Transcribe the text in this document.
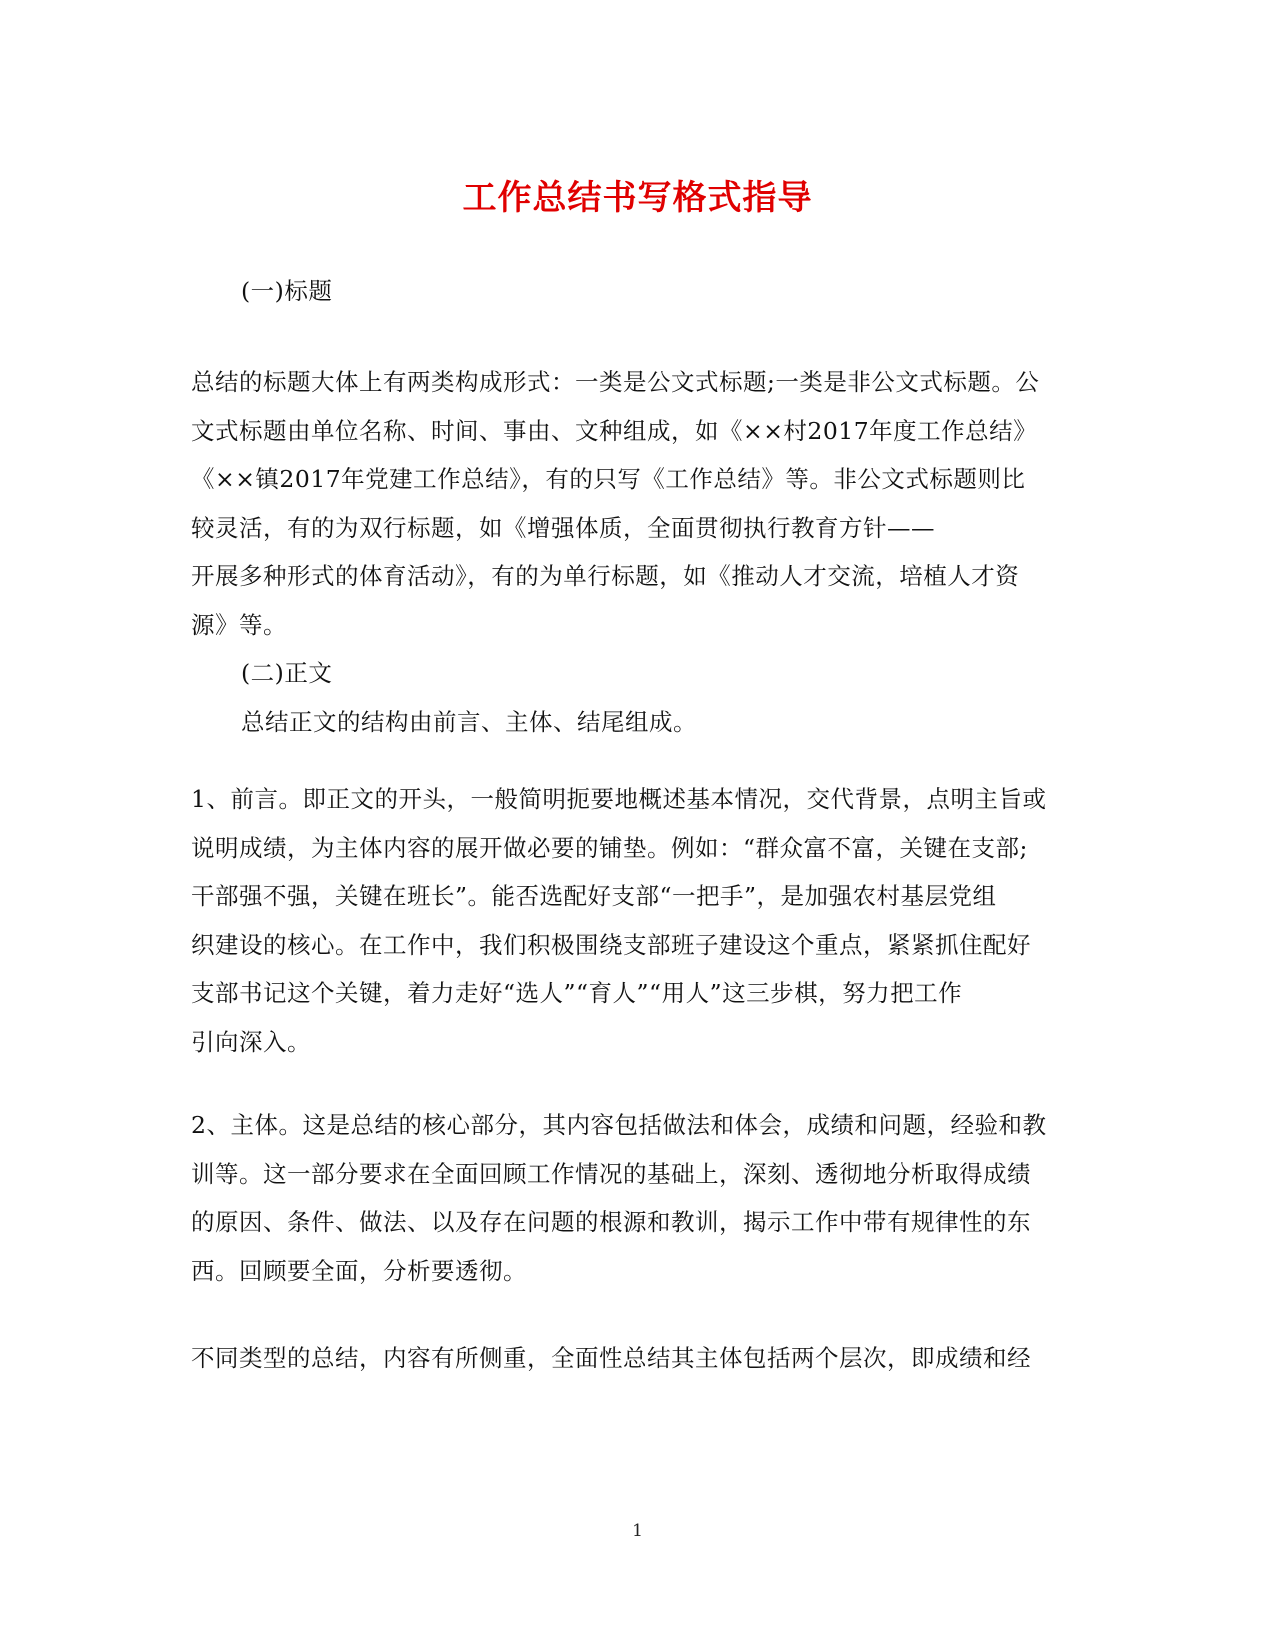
工作总结书写格式指导
(一)标题
总结的标题大体上有两类构成形式：一类是公文式标题;一类是非公文式标题。公
文式标题由单位名称、时间、事由、文种组成，如《××村2017年度工作总结》
《××镇2017年党建工作总结》，有的只写《工作总结》等。非公文式标题则比
较灵活，有的为双行标题，如《增强体质，全面贯彻执行教育方针——
开展多种形式的体育活动》，有的为单行标题，如《推动人才交流，培植人才资
源》等。
(二)正文
总结正文的结构由前言、主体、结尾组成。
1、前言。即正文的开头，一般简明扼要地概述基本情况，交代背景，点明主旨或
说明成绩，为主体内容的展开做必要的铺垫。例如：“群众富不富，关键在支部;
干部强不强，关键在班长”。能否选配好支部“一把手”，是加强农村基层党组
织建设的核心。在工作中，我们积极围绕支部班子建设这个重点，紧紧抓住配好
支部书记这个关键，着力走好“选人”“育人”“用人”这三步棋，努力把工作
引向深入。
2、主体。这是总结的核心部分，其内容包括做法和体会，成绩和问题，经验和教
训等。这一部分要求在全面回顾工作情况的基础上，深刻、透彻地分析取得成绩
的原因、条件、做法、以及存在问题的根源和教训，揭示工作中带有规律性的东
西。回顾要全面，分析要透彻。
不同类型的总结，内容有所侧重，全面性总结其主体包括两个层次，即成绩和经
1
